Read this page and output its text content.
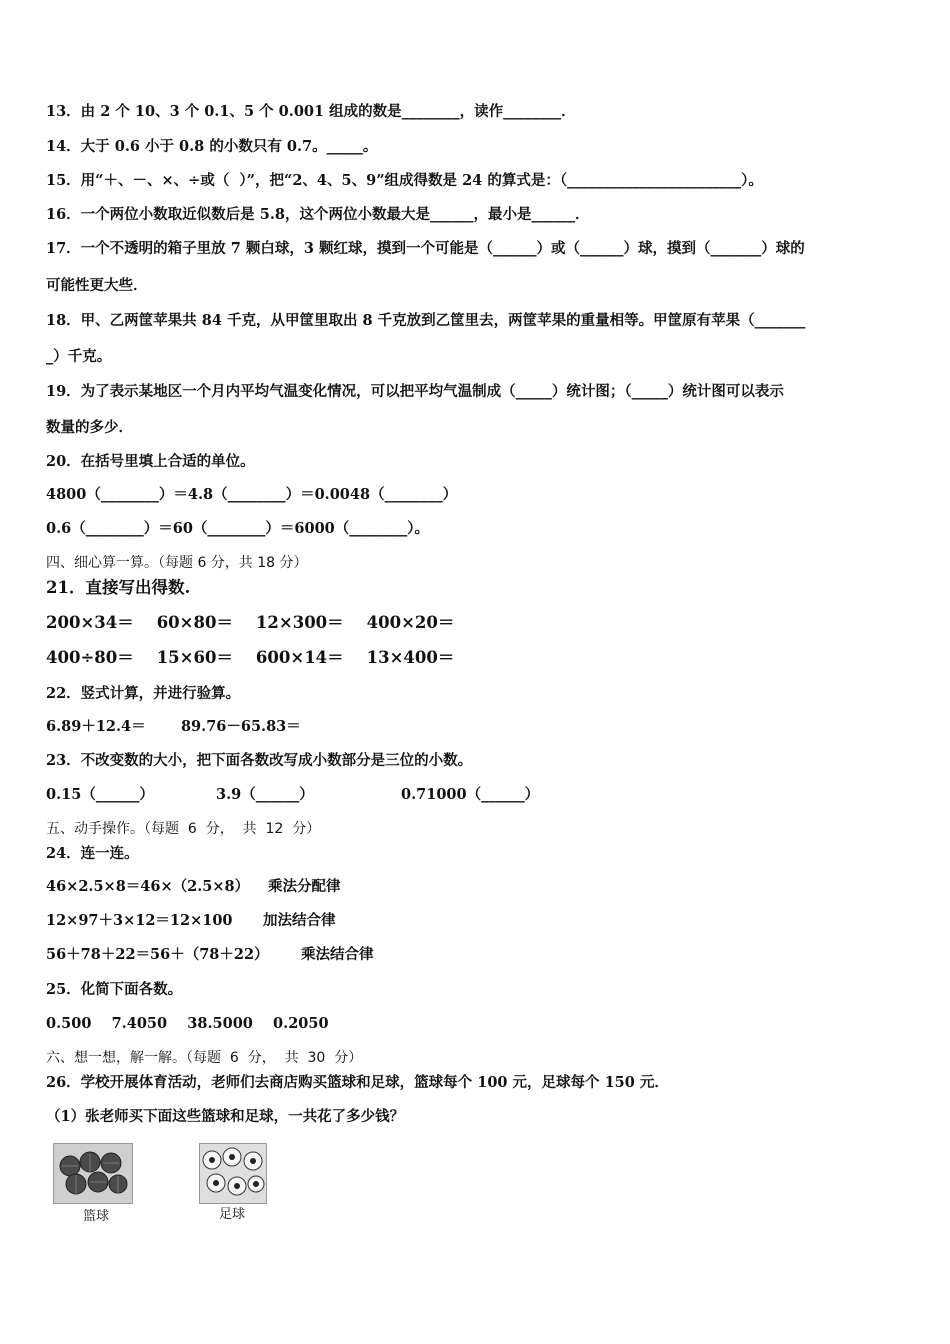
13．由 2 个 10、3 个 0.1、5 个 0.001 组成的数是________，读作________．
14．大于 0.6 小于 0.8 的小数只有 0.7。_____。
15．用“＋、－、×、÷或（  ）”，把“2、4、5、9”组成得数是 24 的算式是：（________________________）。
16．一个两位小数取近似数后是 5.8，这个两位小数最大是______，最小是______．
17．一个不透明的箱子里放 7 颗白球，3 颗红球，摸到一个可能是（______）或（______）球，摸到（_______）球的
可能性更大些．
18．甲、乙两筐苹果共 84 千克，从甲筐里取出 8 千克放到乙筐里去，两筐苹果的重量相等。甲筐原有苹果（_______
_）千克。
19．为了表示某地区一个月内平均气温变化情况，可以把平均气温制成（_____）统计图；（_____）统计图可以表示
数量的多少．
20．在括号里填上合适的单位。
4800（________）＝4.8（________）＝0.0048（________）
0.6（________）＝60（________）＝6000（________）。
四、细心算一算。（每题 6 分，共 18 分）
21．直接写出得数.
200×34＝    60×80＝    12×300＝    400×20＝
400÷80＝    15×60＝    600×14＝    13×400＝
22．竖式计算，并进行验算。
6.89＋12.4＝       89.76－65.83＝
23．不改变数的大小，把下面各数改写成小数部分是三位的小数。
0.15（______）	3.9（______）	0.71000（______）
五、动手操作。（每题  6  分，  共  12  分）
24．连一连。
46×2.5×8＝46×（2.5×8） 乘法分配律
12×97＋3×12＝12×100 加法结合律
56＋78＋22＝56＋（78＋22） 乘法结合律
25．化简下面各数。
0.500    7.4050    38.5000    0.2050
六、想一想，解一解。（每题  6  分，  共  30  分）
26．学校开展体育活动，老师们去商店购买篮球和足球，篮球每个 100 元，足球每个 150 元．
（1）张老师买下面这些篮球和足球，一共花了多少钱？
篮球	足球
